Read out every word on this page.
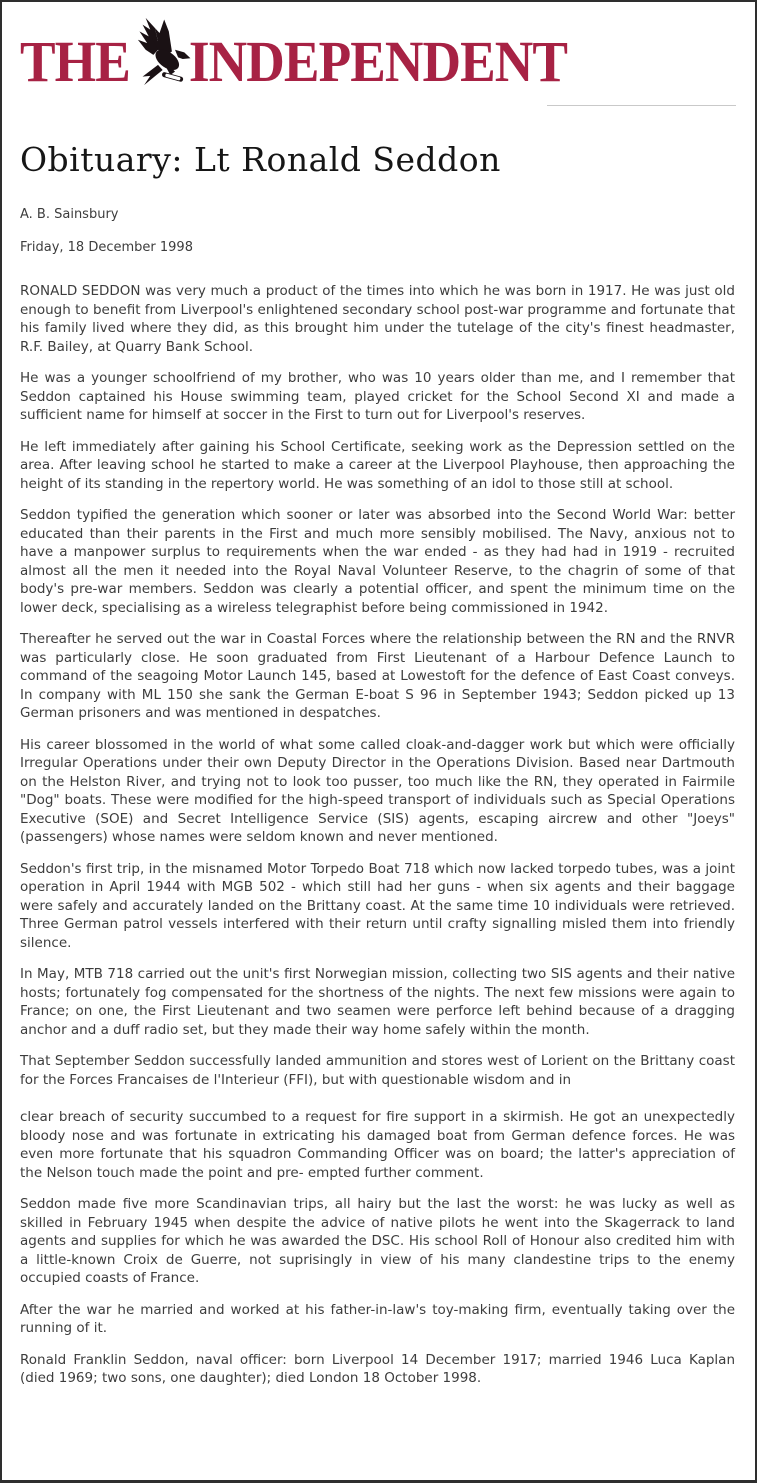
THE INDEPENDENT
Obituary: Lt Ronald Seddon
A. B. Sainsbury
Friday, 18 December 1998

RONALD SEDDON was very much a product of the times into which he was born in 1917. He was just old enough to benefit from Liverpool's enlightened secondary school post-war programme and fortunate that his family lived where they did, as this brought him under the tutelage of the city's finest headmaster, R.F. Bailey, at Quarry Bank School.

He was a younger schoolfriend of my brother, who was 10 years older than me, and I remember that Seddon captained his House swimming team, played cricket for the School Second XI and made a sufficient name for himself at soccer in the First to turn out for Liverpool's reserves.

He left immediately after gaining his School Certificate, seeking work as the Depression settled on the area. After leaving school he started to make a career at the Liverpool Playhouse, then approaching the height of its standing in the repertory world. He was something of an idol to those still at school.

Seddon typified the generation which sooner or later was absorbed into the Second World War: better educated than their parents in the First and much more sensibly mobilised. The Navy, anxious not to have a manpower surplus to requirements when the war ended - as they had had in 1919 - recruited almost all the men it needed into the Royal Naval Volunteer Reserve, to the chagrin of some of that body's pre-war members. Seddon was clearly a potential officer, and spent the minimum time on the lower deck, specialising as a wireless telegraphist before being commissioned in 1942.

Thereafter he served out the war in Coastal Forces where the relationship between the RN and the RNVR was particularly close. He soon graduated from First Lieutenant of a Harbour Defence Launch to command of the seagoing Motor Launch 145, based at Lowestoft for the defence of East Coast conveys. In company with ML 150 she sank the German E-boat S 96 in September 1943; Seddon picked up 13 German prisoners and was mentioned in despatches.

His career blossomed in the world of what some called cloak-and-dagger work but which were officially Irregular Operations under their own Deputy Director in the Operations Division. Based near Dartmouth on the Helston River, and trying not to look too pusser, too much like the RN, they operated in Fairmile "Dog" boats. These were modified for the high-speed transport of individuals such as Special Operations Executive (SOE) and Secret Intelligence Service (SIS) agents, escaping aircrew and other "Joeys" (passengers) whose names were seldom known and never mentioned.

Seddon's first trip, in the misnamed Motor Torpedo Boat 718 which now lacked torpedo tubes, was a joint operation in April 1944 with MGB 502 - which still had her guns - when six agents and their baggage were safely and accurately landed on the Brittany coast. At the same time 10 individuals were retrieved. Three German patrol vessels interfered with their return until crafty signalling misled them into friendly silence.

In May, MTB 718 carried out the unit's first Norwegian mission, collecting two SIS agents and their native hosts; fortunately fog compensated for the shortness of the nights. The next few missions were again to France; on one, the First Lieutenant and two seamen were perforce left behind because of a dragging anchor and a duff radio set, but they made their way home safely within the month.

That September Seddon successfully landed ammunition and stores west of Lorient on the Brittany coast for the Forces Francaises de l'Interieur (FFI), but with questionable wisdom and in

clear breach of security succumbed to a request for fire support in a skirmish. He got an unexpectedly bloody nose and was fortunate in extricating his damaged boat from German defence forces. He was even more fortunate that his squadron Commanding Officer was on board; the latter's appreciation of the Nelson touch made the point and pre- empted further comment.

Seddon made five more Scandinavian trips, all hairy but the last the worst: he was lucky as well as skilled in February 1945 when despite the advice of native pilots he went into the Skagerrack to land agents and supplies for which he was awarded the DSC. His school Roll of Honour also credited him with a little-known Croix de Guerre, not suprisingly in view of his many clandestine trips to the enemy occupied coasts of France.

After the war he married and worked at his father-in-law's toy-making firm, eventually taking over the running of it.

Ronald Franklin Seddon, naval officer: born Liverpool 14 December 1917; married 1946 Luca Kaplan (died 1969; two sons, one daughter); died London 18 October 1998.
